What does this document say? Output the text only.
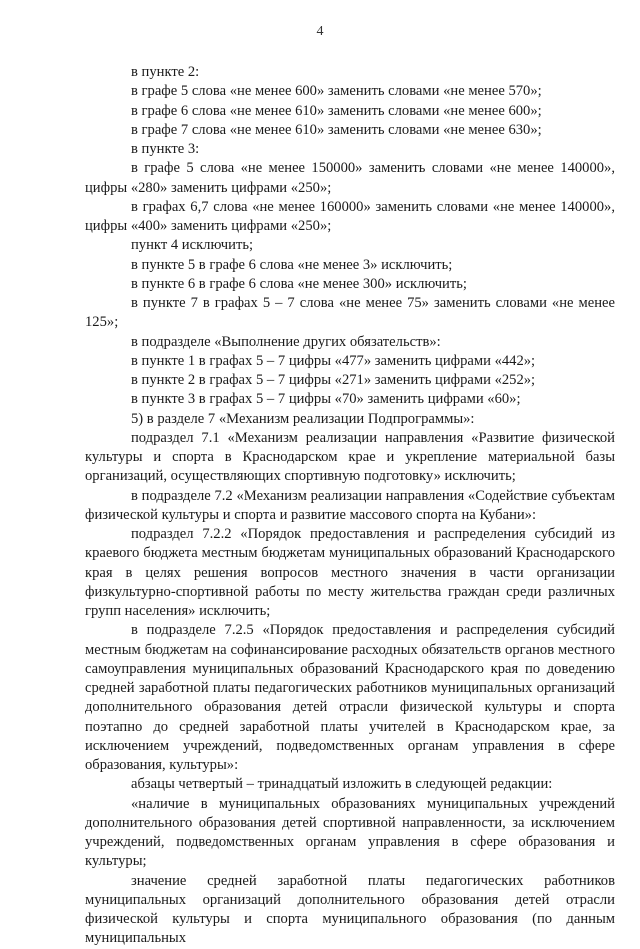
4

в пункте 2:

в графе 5 слова «не менее 600» заменить словами «не менее 570»;

в графе 6 слова «не менее 610» заменить словами «не менее 600»;

в графе 7 слова «не менее 610» заменить словами «не менее 630»;

в пункте 3:

в графе 5 слова «не менее 150000» заменить словами «не менее 140000», цифры «280» заменить цифрами «250»;

в графах 6,7 слова «не менее 160000» заменить словами «не менее 140000», цифры «400» заменить цифрами «250»;

пункт 4 исключить;

в пункте 5 в графе 6 слова «не менее 3» исключить;

в пункте 6 в графе 6 слова «не менее 300» исключить;

в пункте 7 в графах 5 – 7 слова «не менее 75» заменить словами «не менее 125»;

в подразделе «Выполнение других обязательств»:

в пункте 1 в графах 5 – 7 цифры «477» заменить цифрами «442»;

в пункте 2 в графах 5 – 7 цифры «271» заменить цифрами «252»;

в пункте 3 в графах 5 – 7 цифры «70» заменить цифрами «60»;

5) в разделе 7 «Механизм реализации Подпрограммы»:

подраздел 7.1 «Механизм реализации направления «Развитие физической культуры и спорта в Краснодарском крае и укрепление материальной базы организаций, осуществляющих спортивную подготовку» исключить;

в подразделе 7.2 «Механизм реализации направления «Содействие субъектам физической культуры и спорта и развитие массового спорта на Кубани»:

подраздел 7.2.2 «Порядок предоставления и распределения субсидий из краевого бюджета местным бюджетам муниципальных образований Краснодарского края в целях решения вопросов местного значения в части организации физкультурно-спортивной работы по месту жительства граждан среди различных групп населения» исключить;

в подразделе 7.2.5 «Порядок предоставления и распределения субсидий местным бюджетам на софинансирование расходных обязательств органов местного самоуправления муниципальных образований Краснодарского края по доведению средней заработной платы педагогических работников муниципальных организаций дополнительного образования детей отрасли физической культуры и спорта поэтапно до средней заработной платы учителей в Краснодарском крае, за исключением учреждений, подведомственных органам управления в сфере образования, культуры»:

абзацы четвертый – тринадцатый изложить в следующей редакции:

«наличие в муниципальных образованиях муниципальных учреждений дополнительного образования детей спортивной направленности, за исключением учреждений, подведомственных органам управления в сфере образования и культуры;

значение средней заработной платы педагогических работников муниципальных организаций дополнительного образования детей отрасли физической культуры и спорта муниципального образования (по данным муниципальных
